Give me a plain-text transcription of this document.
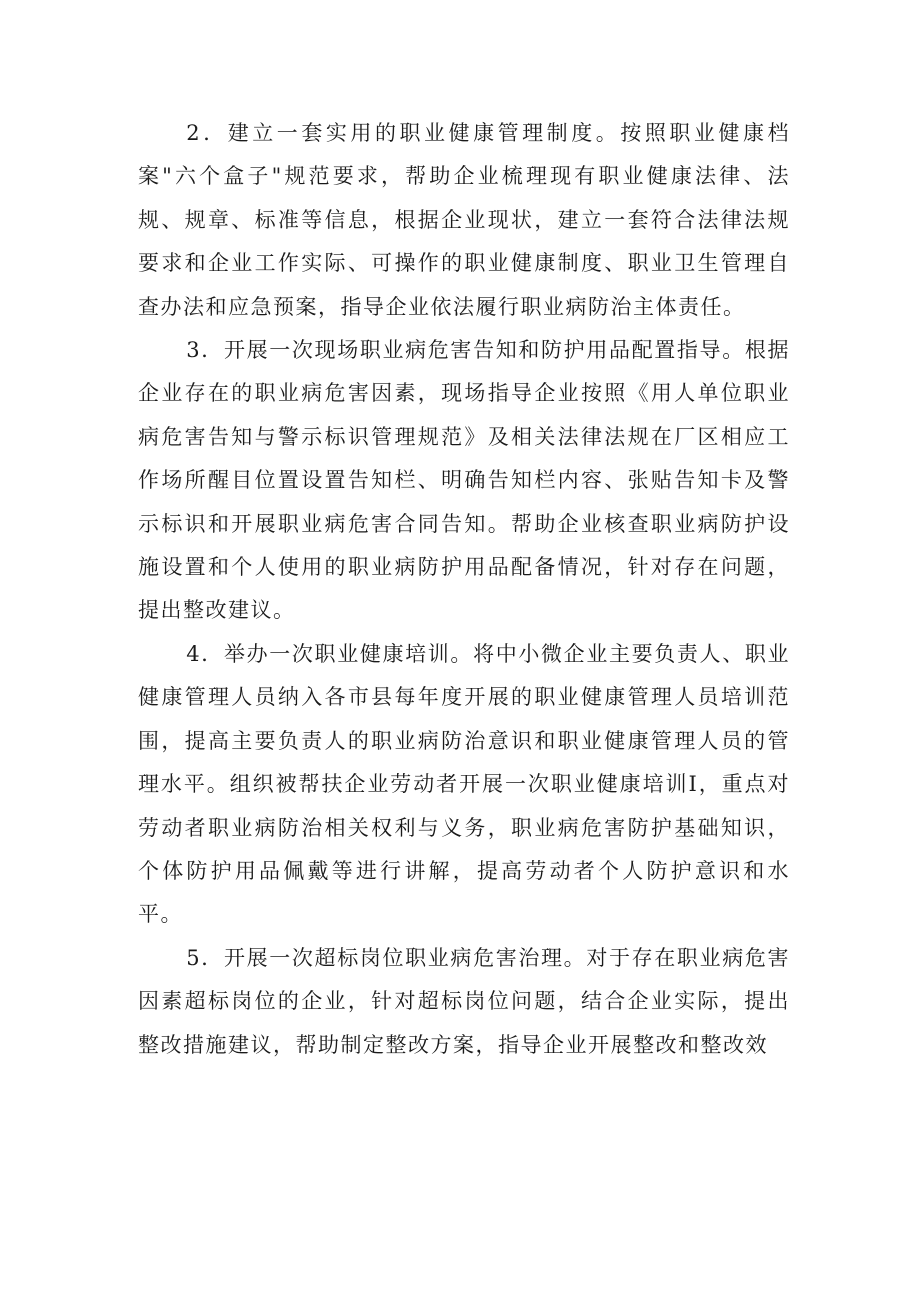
2．建立一套实用的职业健康管理制度。按照职业健康档案"六个盒子"规范要求，帮助企业梳理现有职业健康法律、法规、规章、标准等信息，根据企业现状，建立一套符合法律法规要求和企业工作实际、可操作的职业健康制度、职业卫生管理自查办法和应急预案，指导企业依法履行职业病防治主体责任。

3．开展一次现场职业病危害告知和防护用品配置指导。根据企业存在的职业病危害因素，现场指导企业按照《用人单位职业病危害告知与警示标识管理规范》及相关法律法规在厂区相应工作场所醒目位置设置告知栏、明确告知栏内容、张贴告知卡及警示标识和开展职业病危害合同告知。帮助企业核查职业病防护设施设置和个人使用的职业病防护用品配备情况，针对存在问题，提出整改建议。

4．举办一次职业健康培训。将中小微企业主要负责人、职业健康管理人员纳入各市县每年度开展的职业健康管理人员培训范围，提高主要负责人的职业病防治意识和职业健康管理人员的管理水平。组织被帮扶企业劳动者开展一次职业健康培训I，重点对劳动者职业病防治相关权利与义务，职业病危害防护基础知识，个体防护用品佩戴等进行讲解，提高劳动者个人防护意识和水平。

5．开展一次超标岗位职业病危害治理。对于存在职业病危害因素超标岗位的企业，针对超标岗位问题，结合企业实际，提出整改措施建议，帮助制定整改方案，指导企业开展整改和整改效
